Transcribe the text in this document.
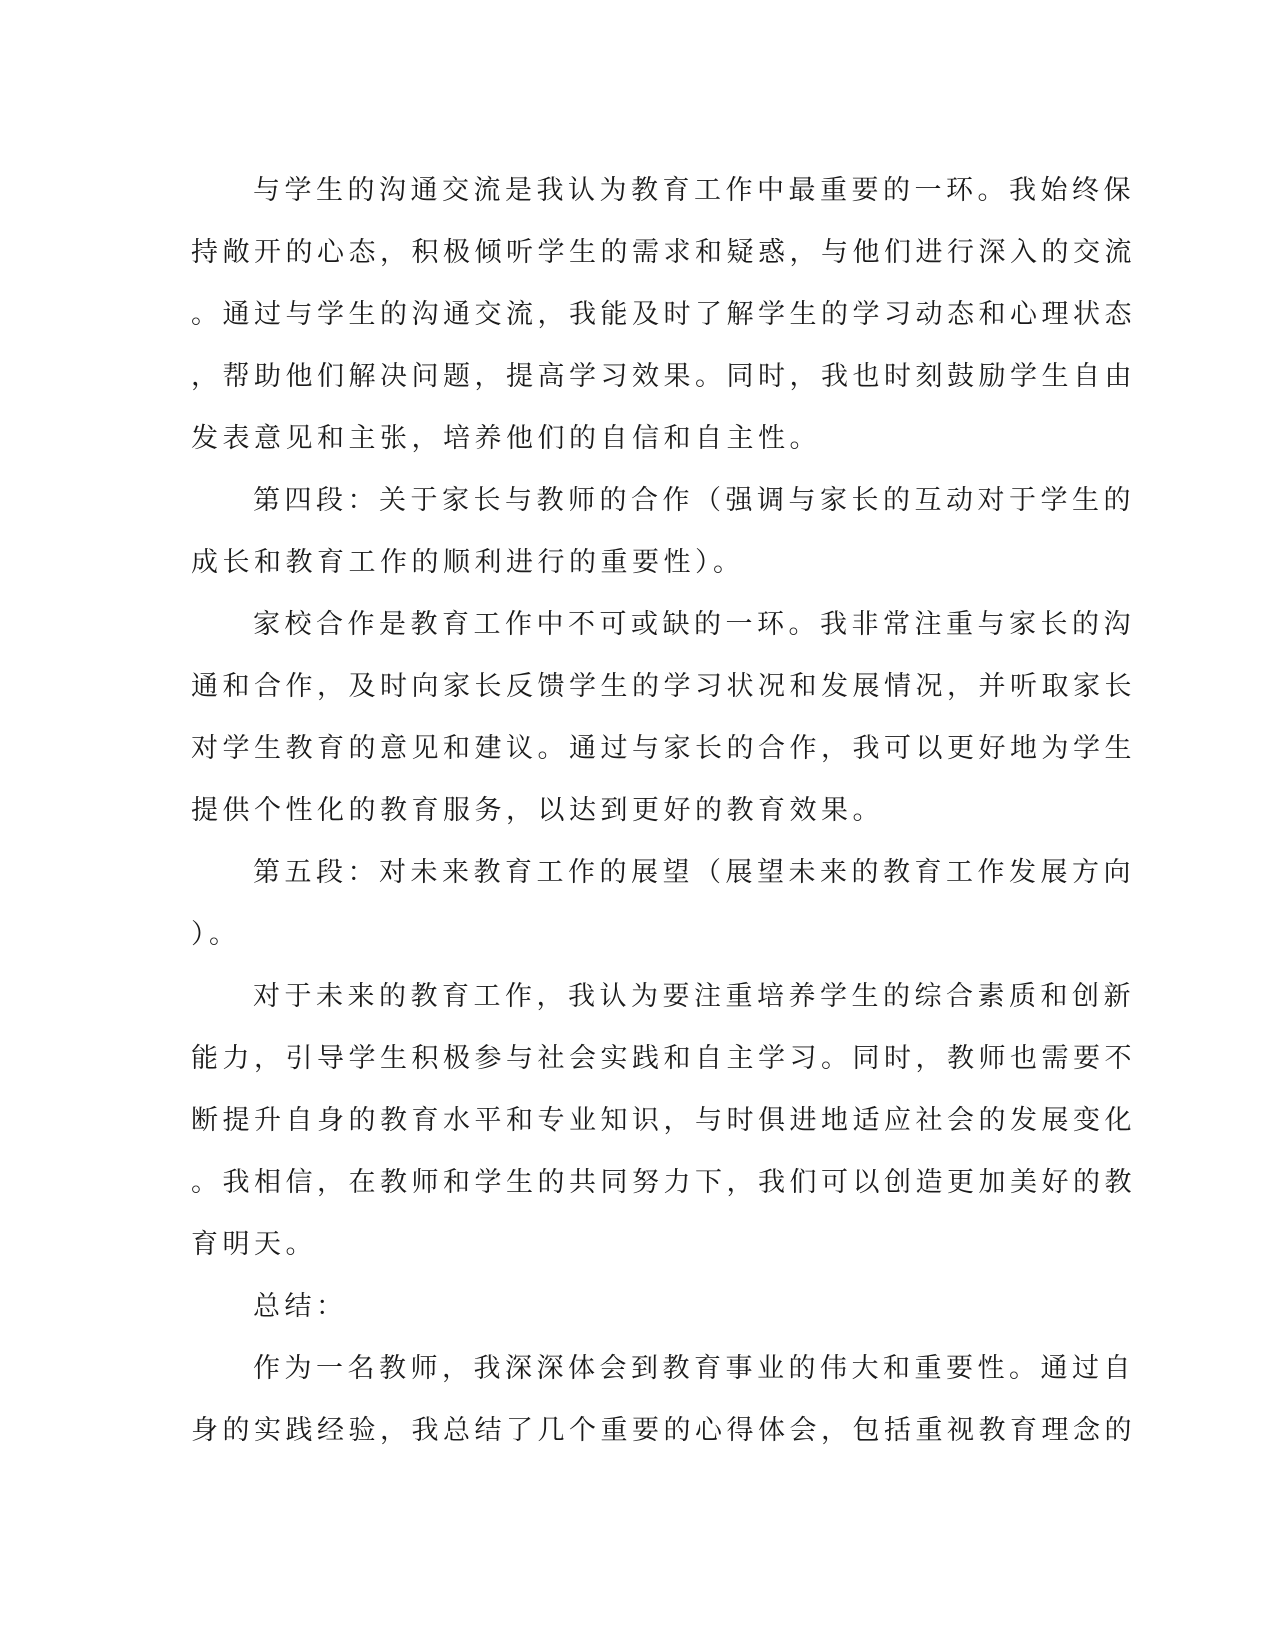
与学生的沟通交流是我认为教育工作中最重要的一环。我始终保
持敞开的心态，积极倾听学生的需求和疑惑，与他们进行深入的交流
。通过与学生的沟通交流，我能及时了解学生的学习动态和心理状态
，帮助他们解决问题，提高学习效果。同时，我也时刻鼓励学生自由
发表意见和主张，培养他们的自信和自主性。

第四段：关于家长与教师的合作（强调与家长的互动对于学生的
成长和教育工作的顺利进行的重要性）。

家校合作是教育工作中不可或缺的一环。我非常注重与家长的沟
通和合作，及时向家长反馈学生的学习状况和发展情况，并听取家长
对学生教育的意见和建议。通过与家长的合作，我可以更好地为学生
提供个性化的教育服务，以达到更好的教育效果。

第五段：对未来教育工作的展望（展望未来的教育工作发展方向
）。

对于未来的教育工作，我认为要注重培养学生的综合素质和创新
能力，引导学生积极参与社会实践和自主学习。同时，教师也需要不
断提升自身的教育水平和专业知识，与时俱进地适应社会的发展变化
。我相信，在教师和学生的共同努力下，我们可以创造更加美好的教
育明天。

总结：

作为一名教师，我深深体会到教育事业的伟大和重要性。通过自
身的实践经验，我总结了几个重要的心得体会，包括重视教育理念的
